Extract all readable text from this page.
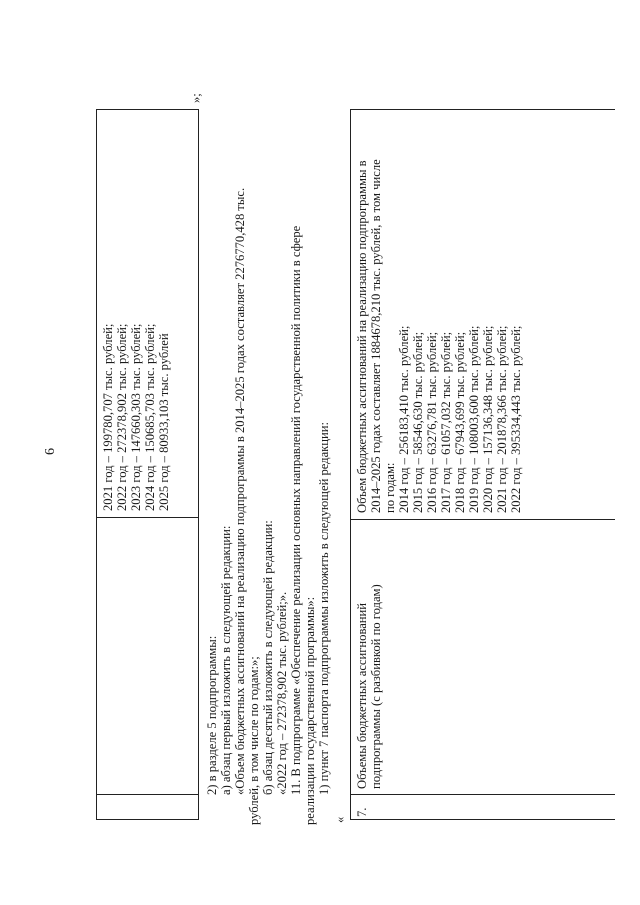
6	2021 год – 199780,707 тыс. рублей; 2022 год – 272378,902 тыс. рублей; 2023 год – 147660,303 тыс. рублей; 2024 год – 150685,703 тыс. рублей; 2025 год – 80933,103 тыс. рублей
»;
2) в разделе 5 подпрограммы: а) абзац первый изложить в следующей редакции: «Объем бюджетных ассигнований на реализацию подпрограммы в 2014–2025 годах составляет 2276770,428 тыс. рублей, в том числе по годам:»; б) абзац десятый изложить в следующей редакции: «2022 год – 272378,902 тыс. рублей;». 11. В подпрограмме «Обеспечение реализации основных направлений государственной политики в сфере реализации государственной программы»: 1) пункт 7 паспорта подпрограммы изложить в следующей редакции:
«
7.
Объемы бюджетных ассигнований подпрограммы (с разбивкой по годам)
Объем бюджетных ассигнований на реализацию подпрограммы в 2014–2025 годах составляет 1884678,210 тыс. рублей, в том числе по годам: 2014 год – 256183,410 тыс. рублей; 2015 год – 58546,630 тыс. рублей; 2016 год – 63276,781 тыс. рублей; 2017 год – 61057,032 тыс. рублей; 2018 год – 67943,699 тыс. рублей; 2019 год – 108003,600 тыс. рублей; 2020 год – 157136,348 тыс. рублей; 2021 год – 201878,366 тыс. рублей; 2022 год – 395334,443 тыс. рублей;
